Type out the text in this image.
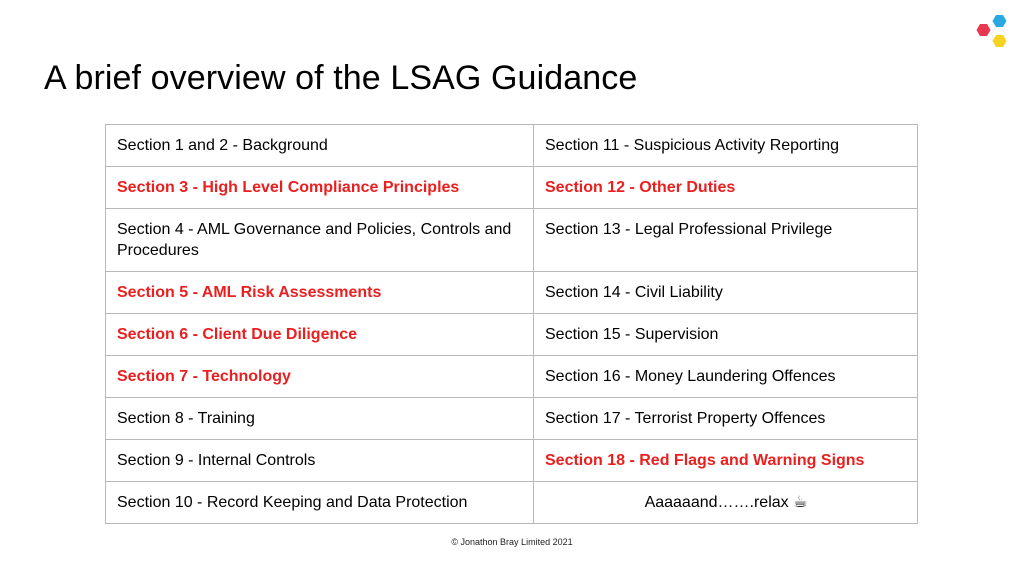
A brief overview of the LSAG Guidance
Section 1 and 2 - Background	Section 11 - Suspicious Activity Reporting
Section 3 - High Level Compliance Principles	Section 12 - Other Duties
Section 4 - AML Governance and Policies, Controls and Procedures	Section 13 - Legal Professional Privilege
Section 5 - AML Risk Assessments	Section 14 - Civil Liability
Section 6 - Client Due Diligence	Section 15 - Supervision
Section 7 - Technology	Section 16 - Money Laundering Offences
Section 8 - Training	Section 17 - Terrorist Property Offences
Section 9 - Internal Controls	Section 18 - Red Flags and Warning Signs
Section 10 - Record Keeping and Data Protection	Aaaaaand…….relax ☕
© Jonathon Bray Limited 2021
